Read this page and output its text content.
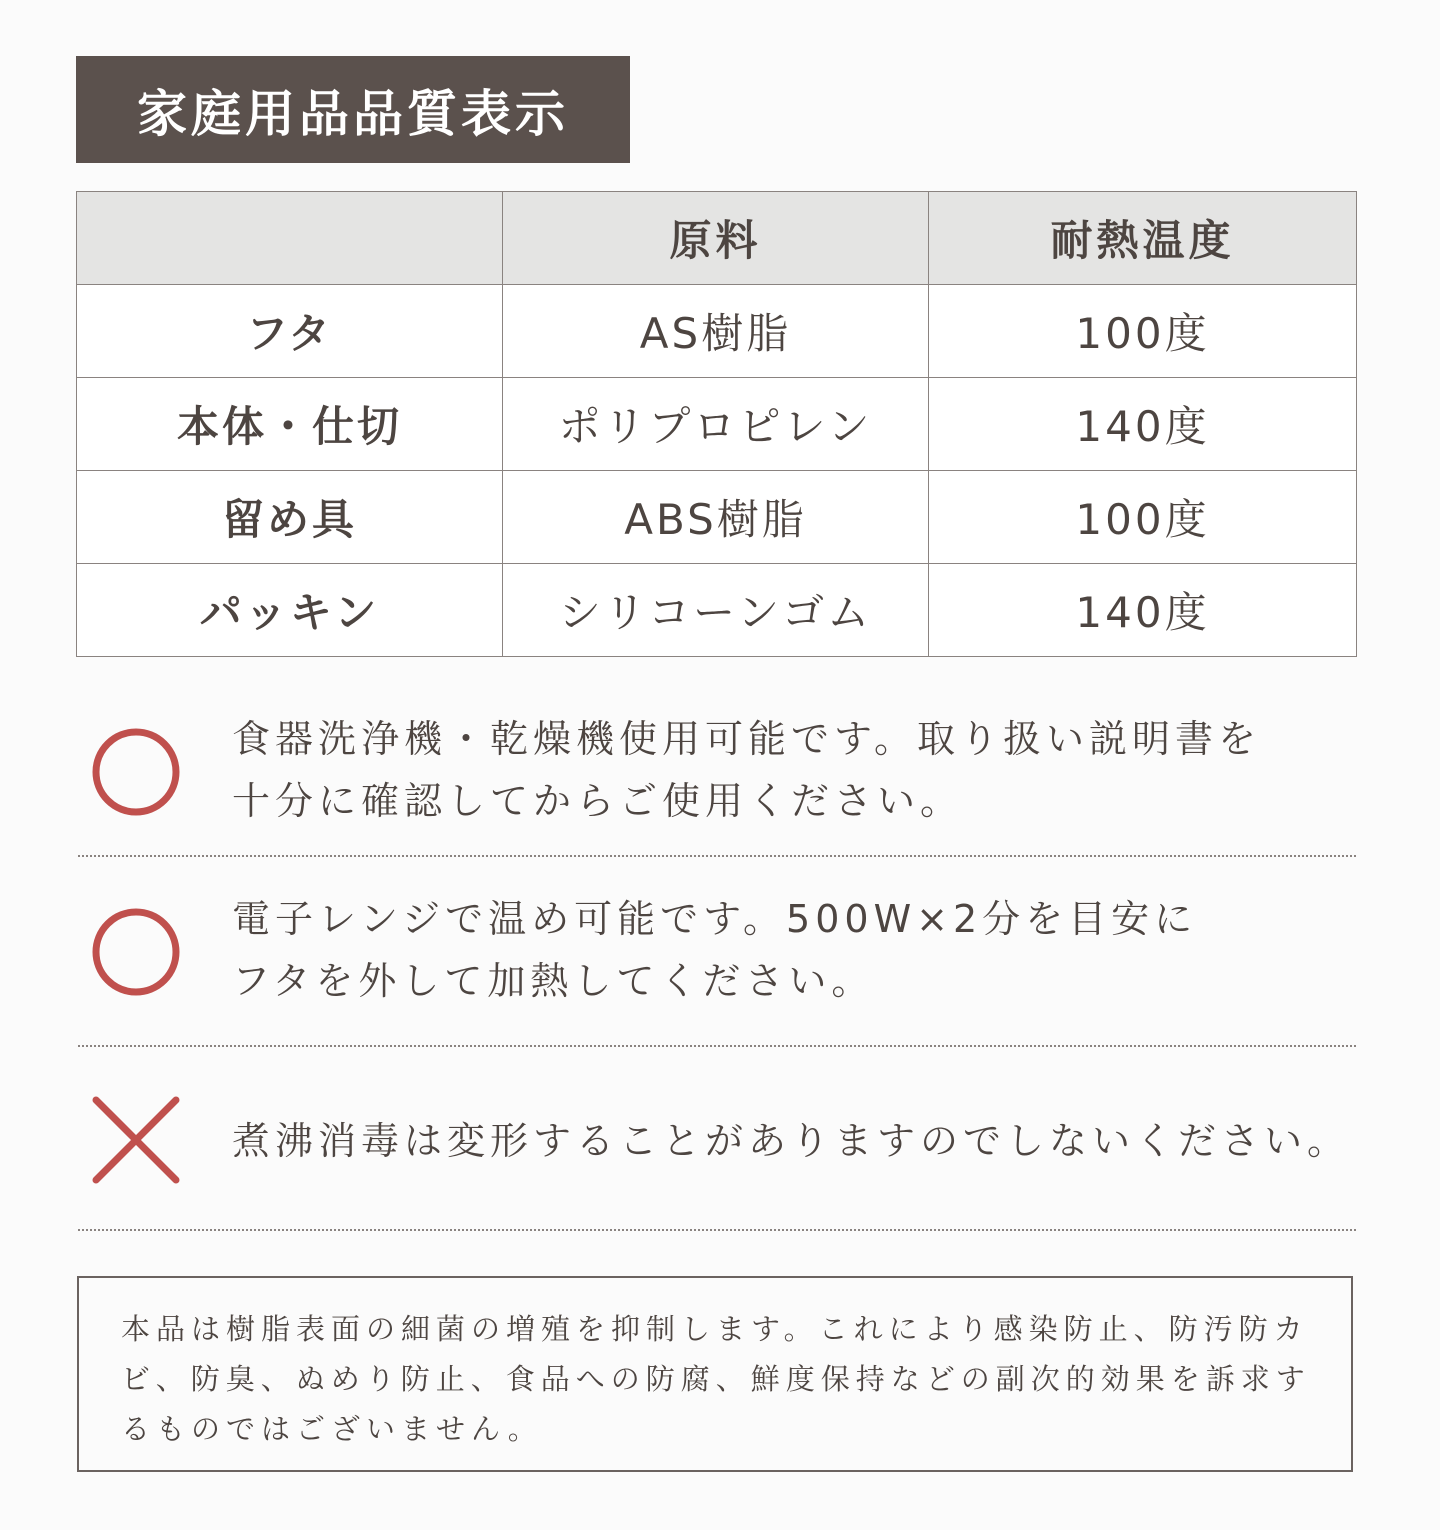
家庭用品品質表示
	原料	耐熱温度
フタ	AS樹脂	100度
本体・仕切	ポリプロピレン	140度
留め具	ABS樹脂	100度
パッキン	シリコーンゴム	140度
食器洗浄機・乾燥機使用可能です。取り扱い説明書を
十分に確認してからご使用ください。
電子レンジで温め可能です。500W×2分を目安に
フタを外して加熱してください。
煮沸消毒は変形することがありますのでしないください。
本品は樹脂表面の細菌の増殖を抑制します。これにより感染防止、防汚防カビ、防臭、ぬめり防止、食品への防腐、鮮度保持などの副次的効果を訴求するものではございません。
